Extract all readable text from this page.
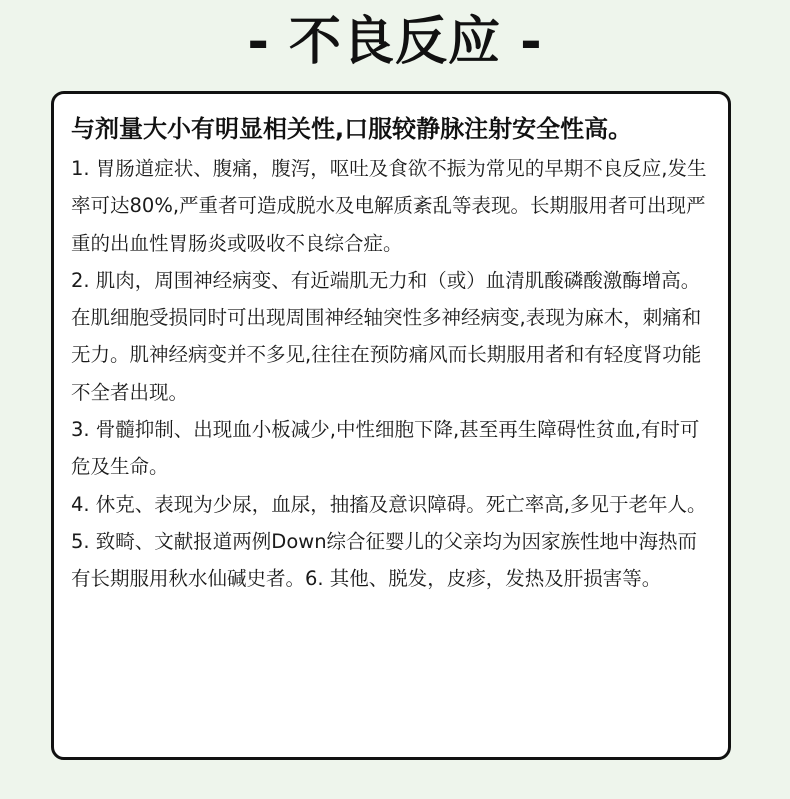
- 不良反应 -

与剂量大小有明显相关性,口服较静脉注射安全性高。

1. 胃肠道症状、腹痛，腹泻，呕吐及食欲不振为常见的早期不良反应,发生率可达80%,严重者可造成脱水及电解质紊乱等表现。长期服用者可出现严重的出血性胃肠炎或吸收不良综合症。

2. 肌肉，周围神经病变、有近端肌无力和（或）血清肌酸磷酸激酶增高。在肌细胞受损同时可出现周围神经轴突性多神经病变,表现为麻木，刺痛和无力。肌神经病变并不多见,往往在预防痛风而长期服用者和有轻度肾功能不全者出现。

3. 骨髓抑制、出现血小板减少,中性细胞下降,甚至再生障碍性贫血,有时可危及生命。

4. 休克、表现为少尿，血尿，抽搐及意识障碍。死亡率高,多见于老年人。

5. 致畸、文献报道两例Down综合征婴儿的父亲均为因家族性地中海热而有长期服用秋水仙碱史者。6. 其他、脱发，皮疹，发热及肝损害等。
